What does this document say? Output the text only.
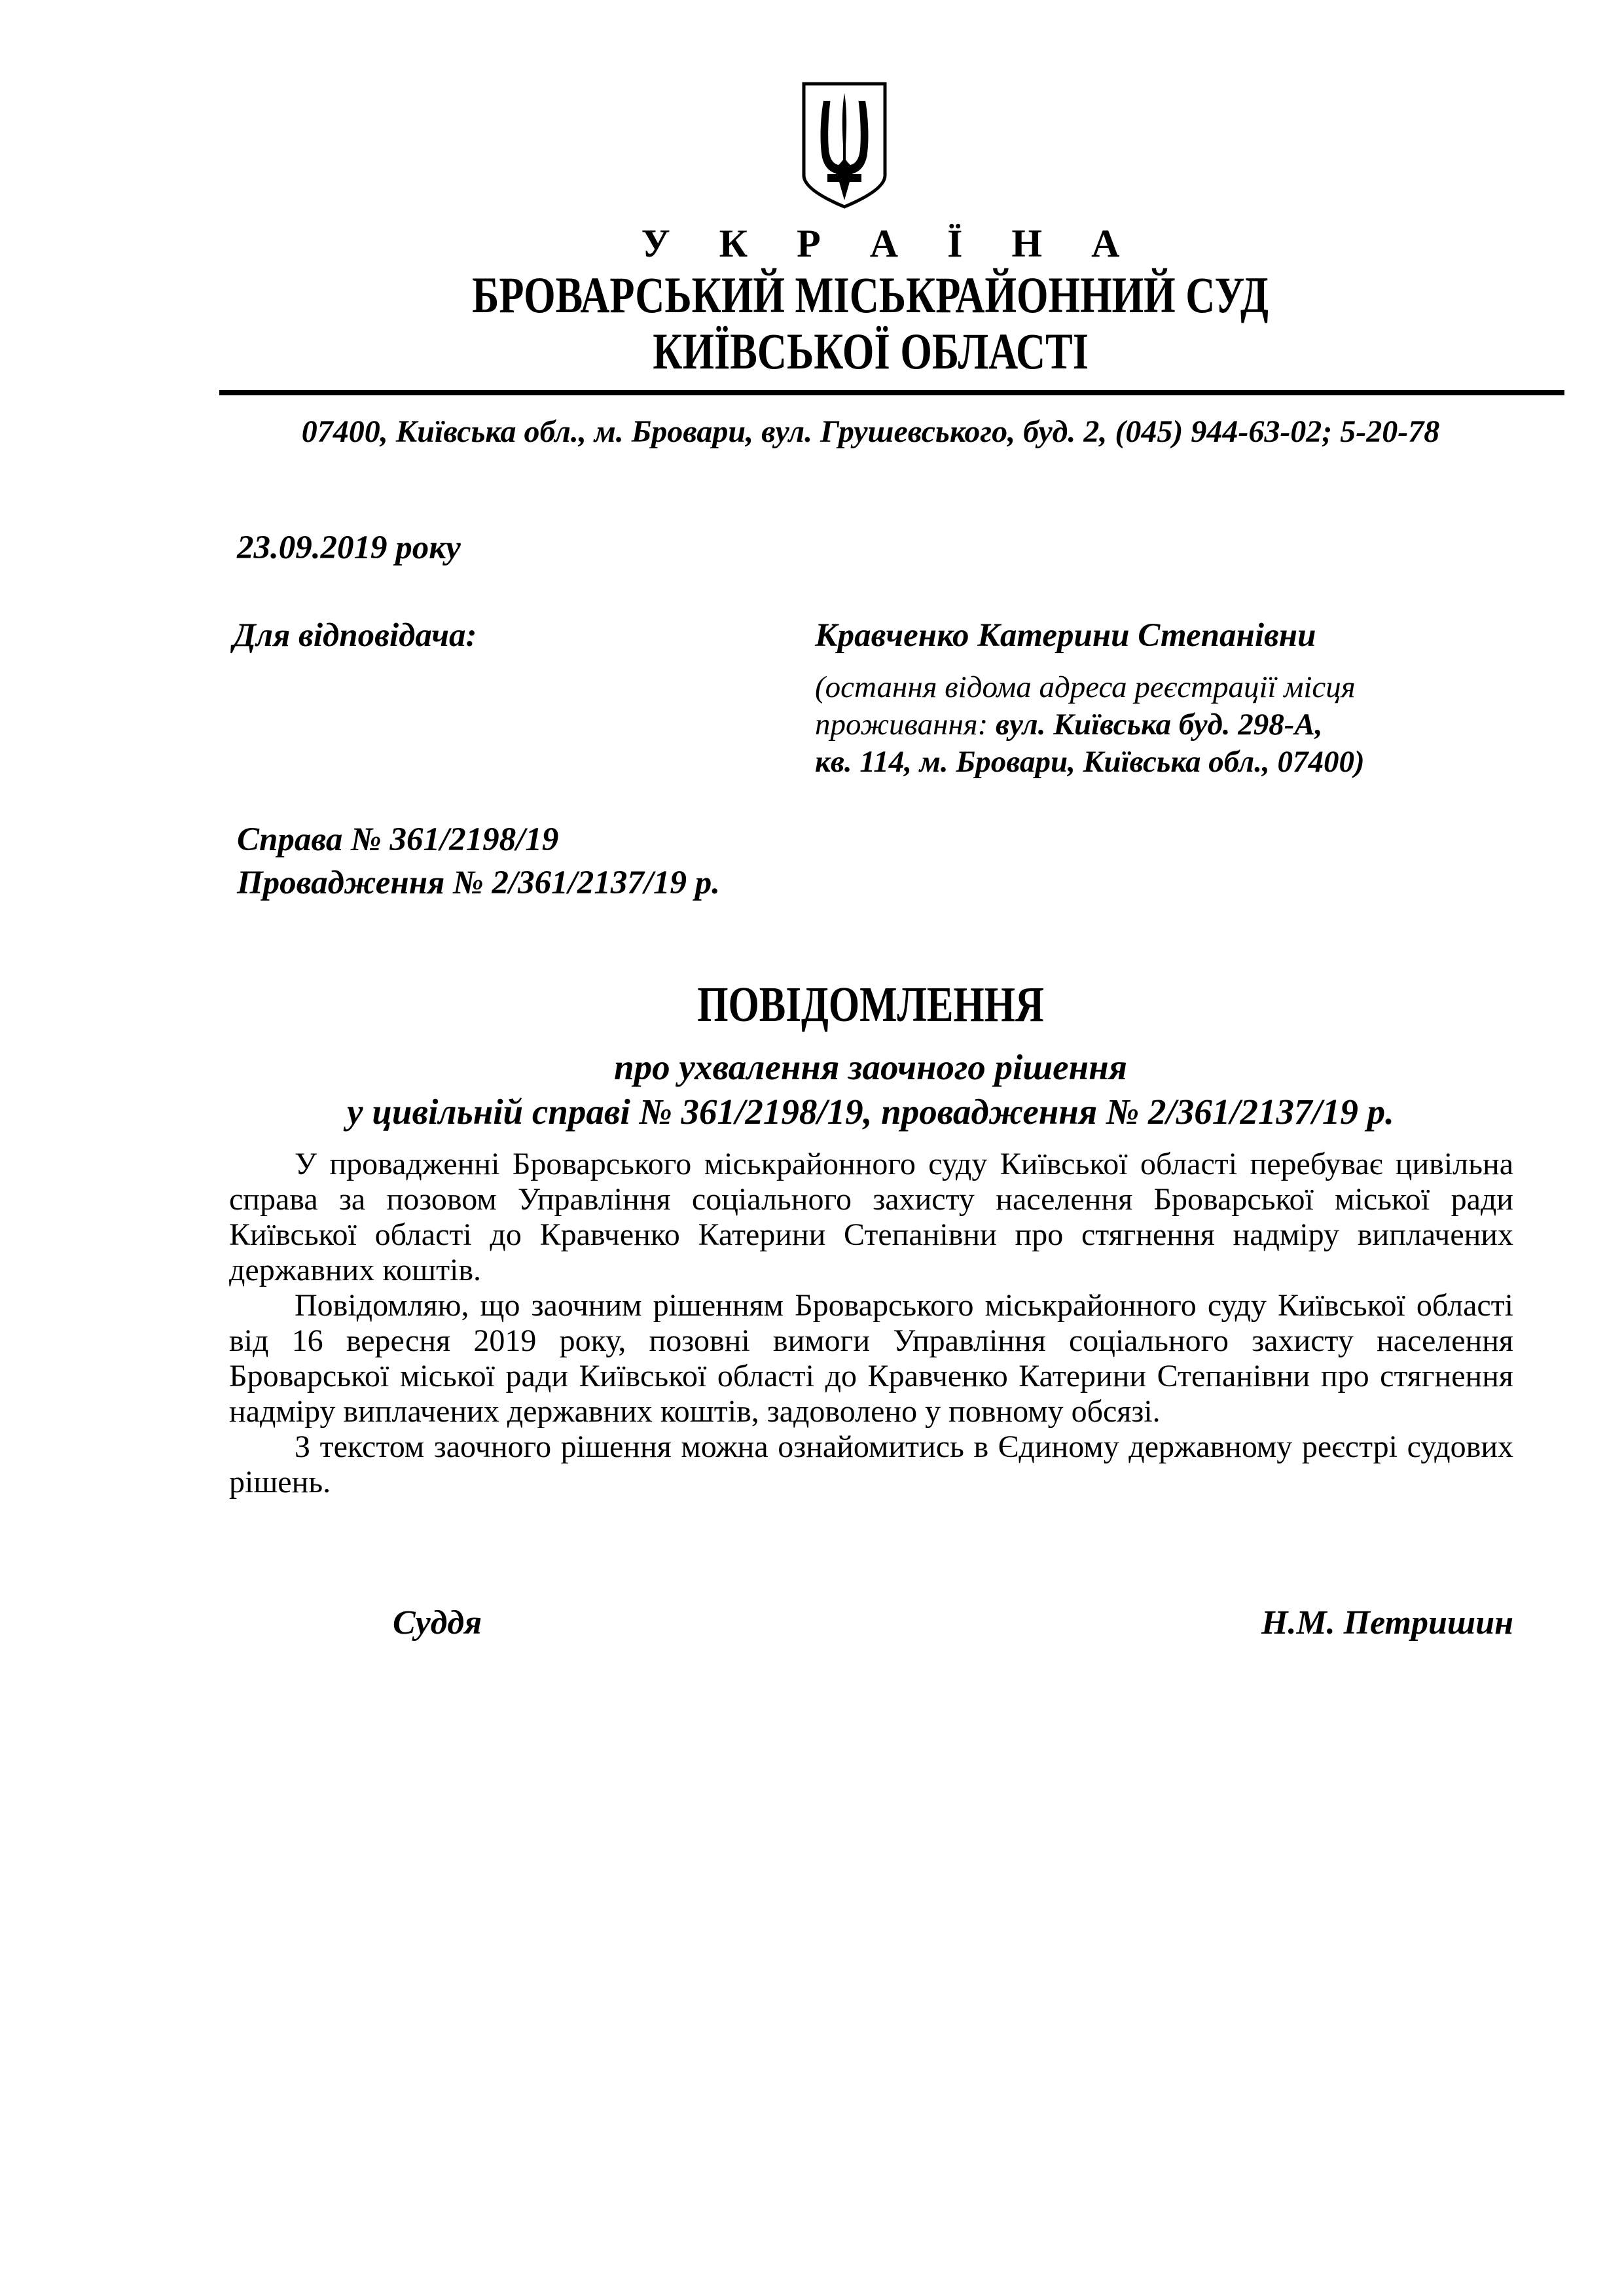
У К Р А Ї Н А
БРОВАРСЬКИЙ МІСЬКРАЙОННИЙ СУД
КИЇВСЬКОЇ ОБЛАСТІ
07400, Київська обл., м. Бровари, вул. Грушевського, буд. 2, (045) 944-63-02; 5-20-78
23.09.2019 року
Для відповідача:	Кравченко Катерини Степанівни
(остання відома адреса реєстрації місця
проживання: вул. Київська буд. 298-А,
кв. 114, м. Бровари, Київська обл., 07400)
Справа № 361/2198/19
Провадження № 2/361/2137/19 р.
ПОВІДОМЛЕННЯ
про ухвалення заочного рішення
у цивільній справі № 361/2198/19, провадження № 2/361/2137/19 р.

У провадженні Броварського міськрайонного суду Київської області перебуває цивільна справа за позовом Управління соціального захисту населення Броварської міської ради Київської області до Кравченко Катерини Степанівни про стягнення надміру виплачених державних коштів.

Повідомляю, що заочним рішенням Броварського міськрайонного суду Київської області від 16 вересня 2019 року, позовні вимоги Управління соціального захисту населення Броварської міської ради Київської області до Кравченко Катерини Степанівни про стягнення надміру виплачених державних коштів, задоволено у повному обсязі.

З текстом заочного рішення можна ознайомитись в Єдиному державному реєстрі судових рішень.

Суддя	Н.М. Петришин
